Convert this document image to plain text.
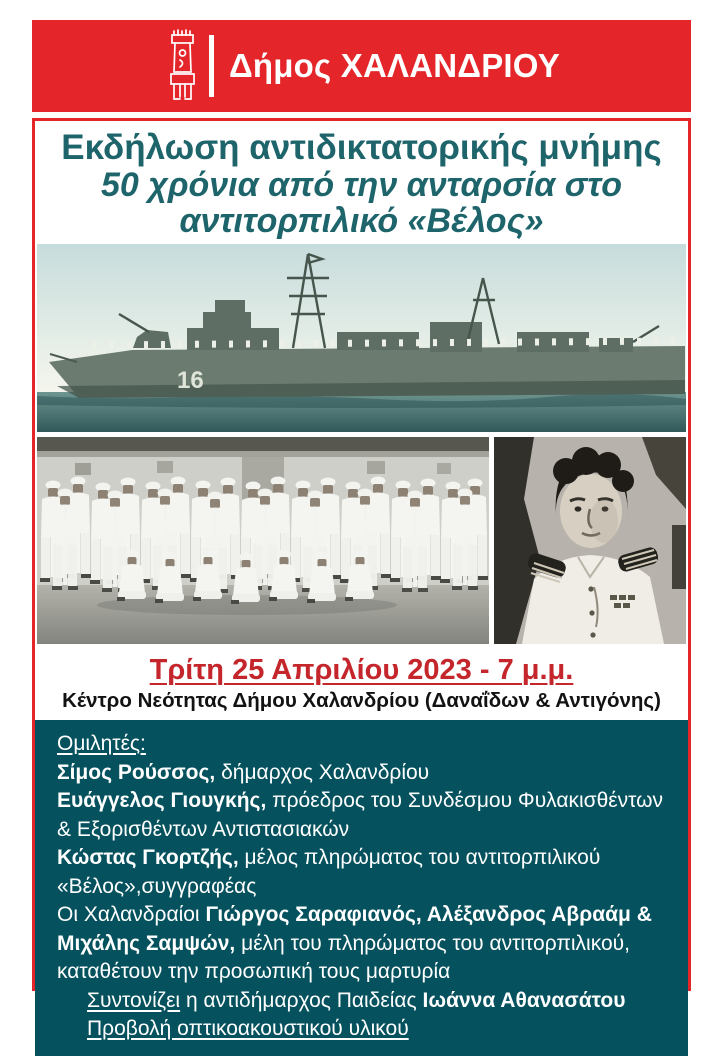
Δήμος ΧΑΛΑΝΔΡΙΟΥ
Εκδήλωση αντιδικτατορικής μνήμης
50 χρόνια από την ανταρσία στο
αντιτορπιλικό «Βέλος»
16
Τρίτη 25 Απριλίου 2023 - 7 μ.μ.
Κέντρο Νεότητας Δήμου Χαλανδρίου (Δαναΐδων & Αντιγόνης)

Ομιλητές:

Σίμος Ρούσσος, δήμαρχος Χαλανδρίου

Ευάγγελος Γιουγκής, πρόεδρος του Συνδέσμου Φυλακισθέντων & Εξορισθέντων Αντιστασιακών

Κώστας Γκορτζής, μέλος πληρώματος του αντιτορπιλικού «Βέλος»,συγγραφέας

Οι Χαλανδραίοι Γιώργος Σαραφιανός, Αλέξανδρος Αβραάμ & Μιχάλης Σαμψών, μέλη του πληρώματος του αντιτορπιλικού, καταθέτουν την προσωπική τους μαρτυρία

Συντονίζει η αντιδήμαρχος Παιδείας Ιωάννα Αθανασάτου

Προβολή οπτικοακουστικού υλικού
